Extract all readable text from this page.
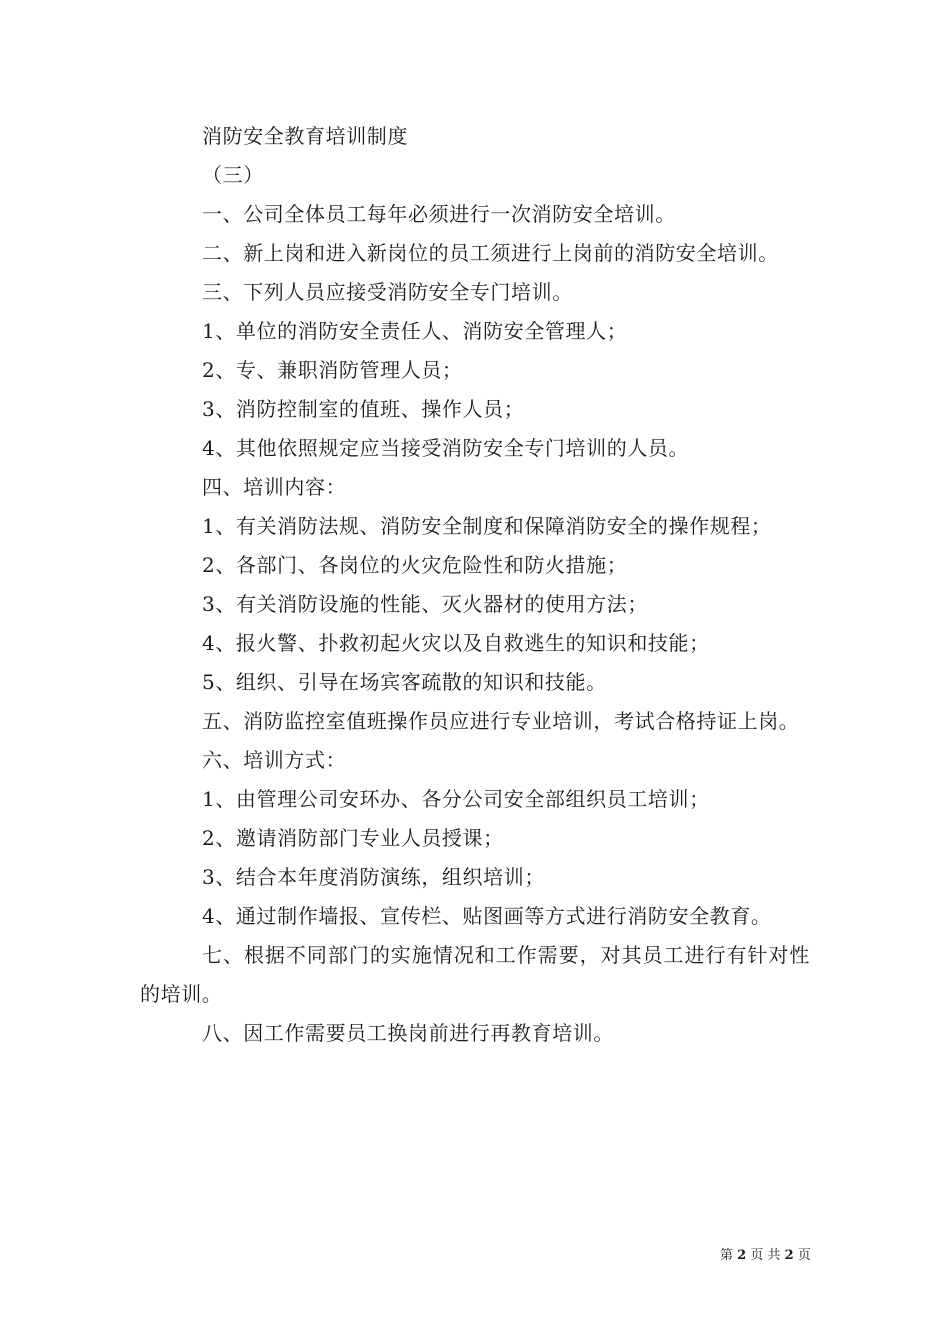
消防安全教育培训制度
（三）
一、公司全体员工每年必须进行一次消防安全培训。
二、新上岗和进入新岗位的员工须进行上岗前的消防安全培训。
三、下列人员应接受消防安全专门培训。
1、单位的消防安全责任人、消防安全管理人；
2、专、兼职消防管理人员；
3、消防控制室的值班、操作人员；
4、其他依照规定应当接受消防安全专门培训的人员。
四、培训内容：
1、有关消防法规、消防安全制度和保障消防安全的操作规程；
2、各部门、各岗位的火灾危险性和防火措施；
3、有关消防设施的性能、灭火器材的使用方法；
4、报火警、扑救初起火灾以及自救逃生的知识和技能；
5、组织、引导在场宾客疏散的知识和技能。
五、消防监控室值班操作员应进行专业培训，考试合格持证上岗。
六、培训方式：
1、由管理公司安环办、各分公司安全部组织员工培训；
2、邀请消防部门专业人员授课；
3、结合本年度消防演练，组织培训；
4、通过制作墙报、宣传栏、贴图画等方式进行消防安全教育。
七、根据不同部门的实施情况和工作需要，对其员工进行有针对性的培训。
八、因工作需要员工换岗前进行再教育培训。
第 2 页 共 2 页
